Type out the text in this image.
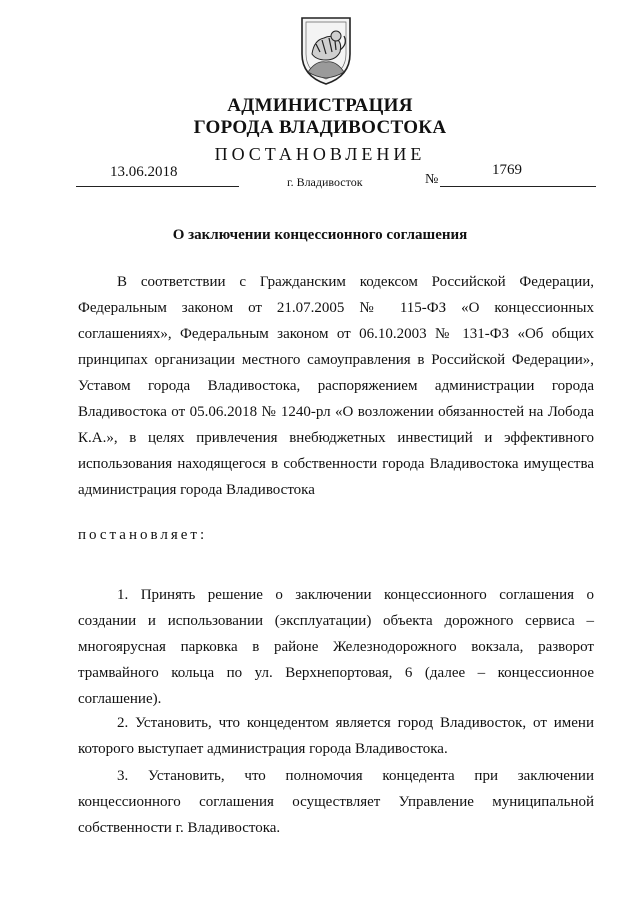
АДМИНИСТРАЦИЯ
ГОРОДА ВЛАДИВОСТОКА
ПОСТАНОВЛЕНИЕ
13.06.2018
г. Владивосток	№
1769
О заключении концессионного соглашения

В соответствии с Гражданским кодексом Российской Федерации, Федеральным законом от 21.07.2005 № 115-ФЗ «О концессионных соглашениях», Федеральным законом от 06.10.2003 № 131-ФЗ «Об общих принципах организации местного самоуправления в Российской Федерации», Уставом города Владивостока, распоряжением администрации города Владивостока от 05.06.2018 № 1240-рл «О возложении обязанностей на Лобода К.А.», в целях привлечения внебюджетных инвестиций и эффективного использования находящегося в собственности города Владивостока имущества администрация города Владивостока

постановляет:

1. Принять решение о заключении концессионного соглашения о создании и использовании (эксплуатации) объекта дорожного сервиса – многоярусная парковка в районе Железнодорожного вокзала, разворот трамвайного кольца по ул. Верхнепортовая, 6 (далее – концессионное соглашение).

2. Установить, что концедентом является город Владивосток, от имени которого выступает администрация города Владивостока.

3. Установить, что полномочия концедента при заключении концессионного соглашения осуществляет Управление муниципальной собственности г. Владивостока.
